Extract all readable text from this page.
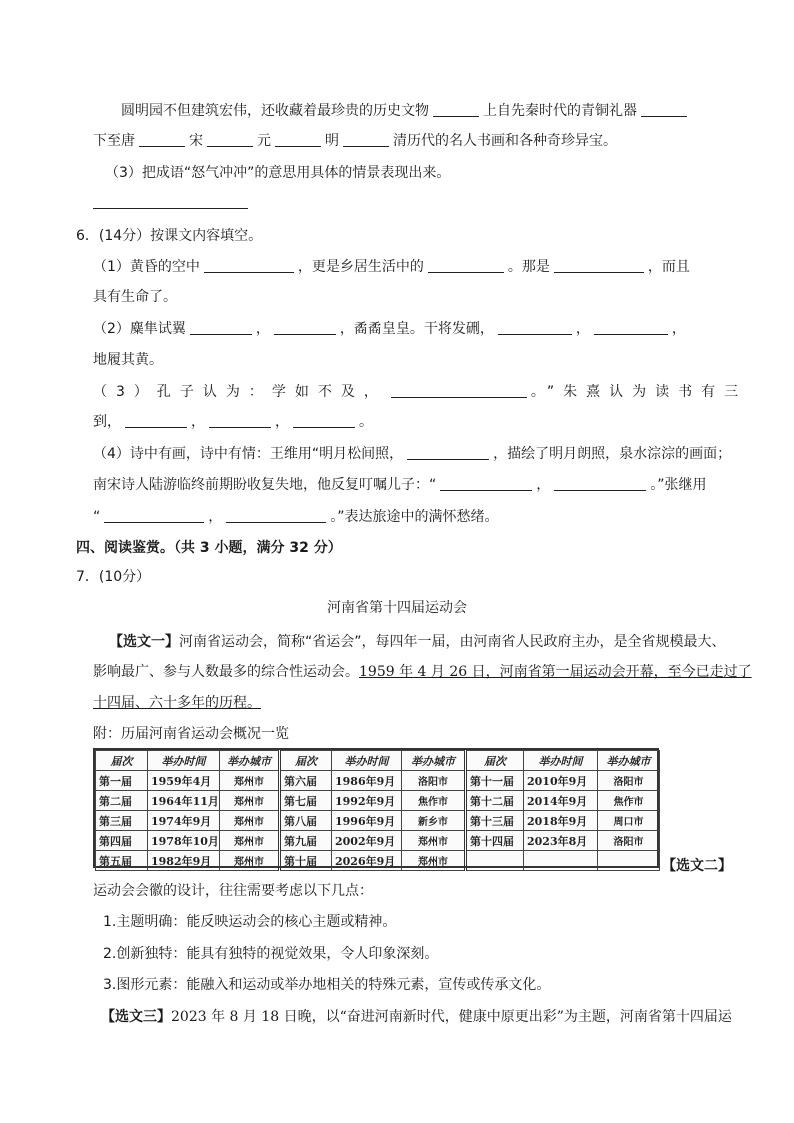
圆明园不但建筑宏伟，还收藏着最珍贵的历史文物	上自先秦时代的青铜礼器
下至唐	宋	元	明	清历代的名人书画和各种奇珍异宝。
（3）把成语“怒气冲冲”的意思用具体的情景表现出来。
6．(14分）按课文内容填空。
（1）黄昏的空中	，更是乡居生活中的	。那是	，而且
具有生命了。
（2）麋隼试翼	，	，矞矞皇皇。干将发硎，	，	，
地履其黄。
（3）孔子认为：学如不及，	。”朱熹认为读书有三
到，	，	，	。
（4）诗中有画，诗中有情：王维用“明月松间照，	，描绘了明月朗照，泉水淙淙的画面；
南宋诗人陆游临终前期盼收复失地，他反复叮嘱儿子：“	，	。”张继用
“	，	。”表达旅途中的满怀愁绪。
四、阅读鉴赏。（共 3 小题，满分 32 分）
7．(10分）
河南省第十四届运动会
【选文一】河南省运动会，简称“省运会”，每四年一届，由河南省人民政府主办，是全省规模最大、
影响最广、参与人数最多的综合性运动会。1959 年 4 月 26 日，河南省第一届运动会开幕，至今已走过了
十四届、六十多年的历程。
附：历届河南省运动会概况一览
届次	举办时间	举办城市	届次	举办时间	举办城市	届次	举办时间	举办城市
第一届	1959年4月	郑州市	第六届	1986年9月	洛阳市	第十一届	2010年9月	洛阳市
第二届	1964年11月	郑州市	第七届	1992年9月	焦作市	第十二届	2014年9月	焦作市
第三届	1974年9月	郑州市	第八届	1996年9月	新乡市	第十三届	2018年9月	周口市
第四届	1978年10月	郑州市	第九届	2002年9月	郑州市	第十四届	2023年8月	洛阳市
第五届	1982年9月	郑州市	第十届	2026年9月	郑州市				【选文二】
运动会会徽的设计，往往需要考虑以下几点：
1.主题明确：能反映运动会的核心主题或精神。
2.创新独特：能具有独特的视觉效果，令人印象深刻。
3.图形元素：能融入和运动或举办地相关的特殊元素，宣传或传承文化。
【选文三】2023 年 8 月 18 日晚，以“奋进河南新时代，健康中原更出彩”为主题，河南省第十四届运
